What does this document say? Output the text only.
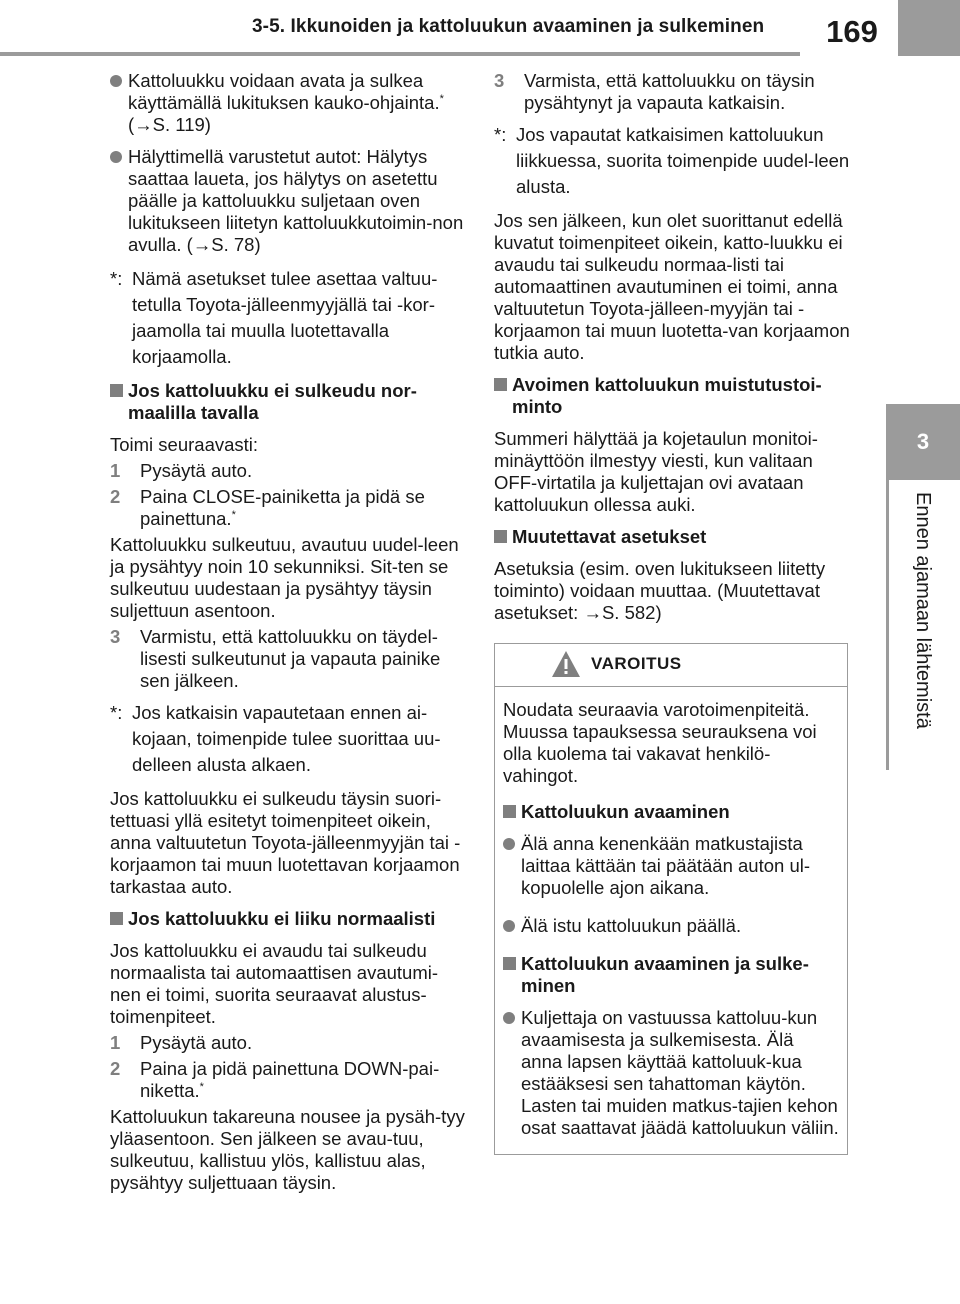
3-5. Ikkunoiden ja kattoluukun avaaminen ja sulkeminen	169
3
Ennen ajamaan lähtemistä
Kattoluukku voidaan avata ja sulkea käyttämällä lukituksen kauko-ohjainta.*(→S. 119)
Hälyttimellä varustetut autot: Hälytys saattaa laueta, jos hälytys on asetettu päälle ja kattoluukku suljetaan oven lukitukseen liitetyn kattoluukkutoimin-non avulla. (→S. 78)
*: Nämä asetukset tulee asettaa valtuu-tetulla Toyota-jälleenmyyjällä tai -kor-jaamolla tai muulla luotettavalla korjaamolla.
Jos kattoluukku ei sulkeudu nor-maalilla tavalla
Toimi seuraavasti:
1 Pysäytä auto.
2 Paina CLOSE-painiketta ja pidä se painettuna.*
Kattoluukku sulkeutuu, avautuu uudel-leen ja pysähtyy noin 10 sekunniksi. Sit-ten se sulkeutuu uudestaan ja pysähtyy täysin suljettuun asentoon.
3 Varmistu, että kattoluukku on täydel-lisesti sulkeutunut ja vapauta painike sen jälkeen.
*: Jos katkaisin vapautetaan ennen ai-kojaan, toimenpide tulee suorittaa uu-delleen alusta alkaen.
Jos kattoluukku ei sulkeudu täysin suori-tettuasi yllä esitetyt toimenpiteet oikein, anna valtuutetun Toyota-jälleenmyyjän tai -korjaamon tai muun luotettavan korjaamon tarkastaa auto.
Jos kattoluukku ei liiku normaalisti
Jos kattoluukku ei avaudu tai sulkeudu normaalista tai automaattisen avautumi-nen ei toimi, suorita seuraavat alustus-toimenpiteet.
1 Pysäytä auto.
2 Paina ja pidä painettuna DOWN-pai-niketta.*
Kattoluukun takareuna nousee ja pysäh-tyy yläasentoon. Sen jälkeen se avau-tuu, sulkeutuu, kallistuu ylös, kallistuu alas, pysähtyy suljettuaan täysin.
3 Varmista, että kattoluukku on täysin pysähtynyt ja vapauta katkaisin.
*: Jos vapautat katkaisimen kattoluukun liikkuessa, suorita toimenpide uudel-leen alusta.
Jos sen jälkeen, kun olet suorittanut edellä kuvatut toimenpiteet oikein, katto-luukku ei avaudu tai sulkeudu normaa-listi tai automaattinen avautuminen ei toimi, anna valtuutetun Toyota-jälleen-myyjän tai -korjaamon tai muun luotetta-van korjaamon tutkia auto.
Avoimen kattoluukun muistutustoi-minto
Summeri hälyttää ja kojetaulun monitoi-minäyttöön ilmestyy viesti, kun valitaan OFF-virtatila ja kuljettajan ovi avataan kattoluukun ollessa auki.
Muutettavat asetukset
Asetuksia (esim. oven lukitukseen liitetty toiminto) voidaan muuttaa. (Muutettavat asetukset: →S. 582)
VAROITUS
Noudata seuraavia varotoimenpiteitä. Muussa tapauksessa seurauksena voi olla kuolema tai vakavat henkilö-vahingot.
Kattoluukun avaaminen
Älä anna kenenkään matkustajista laittaa kättään tai päätään auton ul-kopuolelle ajon aikana.
Älä istu kattoluukun päällä.
Kattoluukun avaaminen ja sulke-minen
Kuljettaja on vastuussa kattoluu-kun avaamisesta ja sulkemisesta. Älä anna lapsen käyttää kattoluuk-kua estääksesi sen tahattoman käytön. Lasten tai muiden matkus-tajien kehon osat saattavat jäädä kattoluukun väliin.
